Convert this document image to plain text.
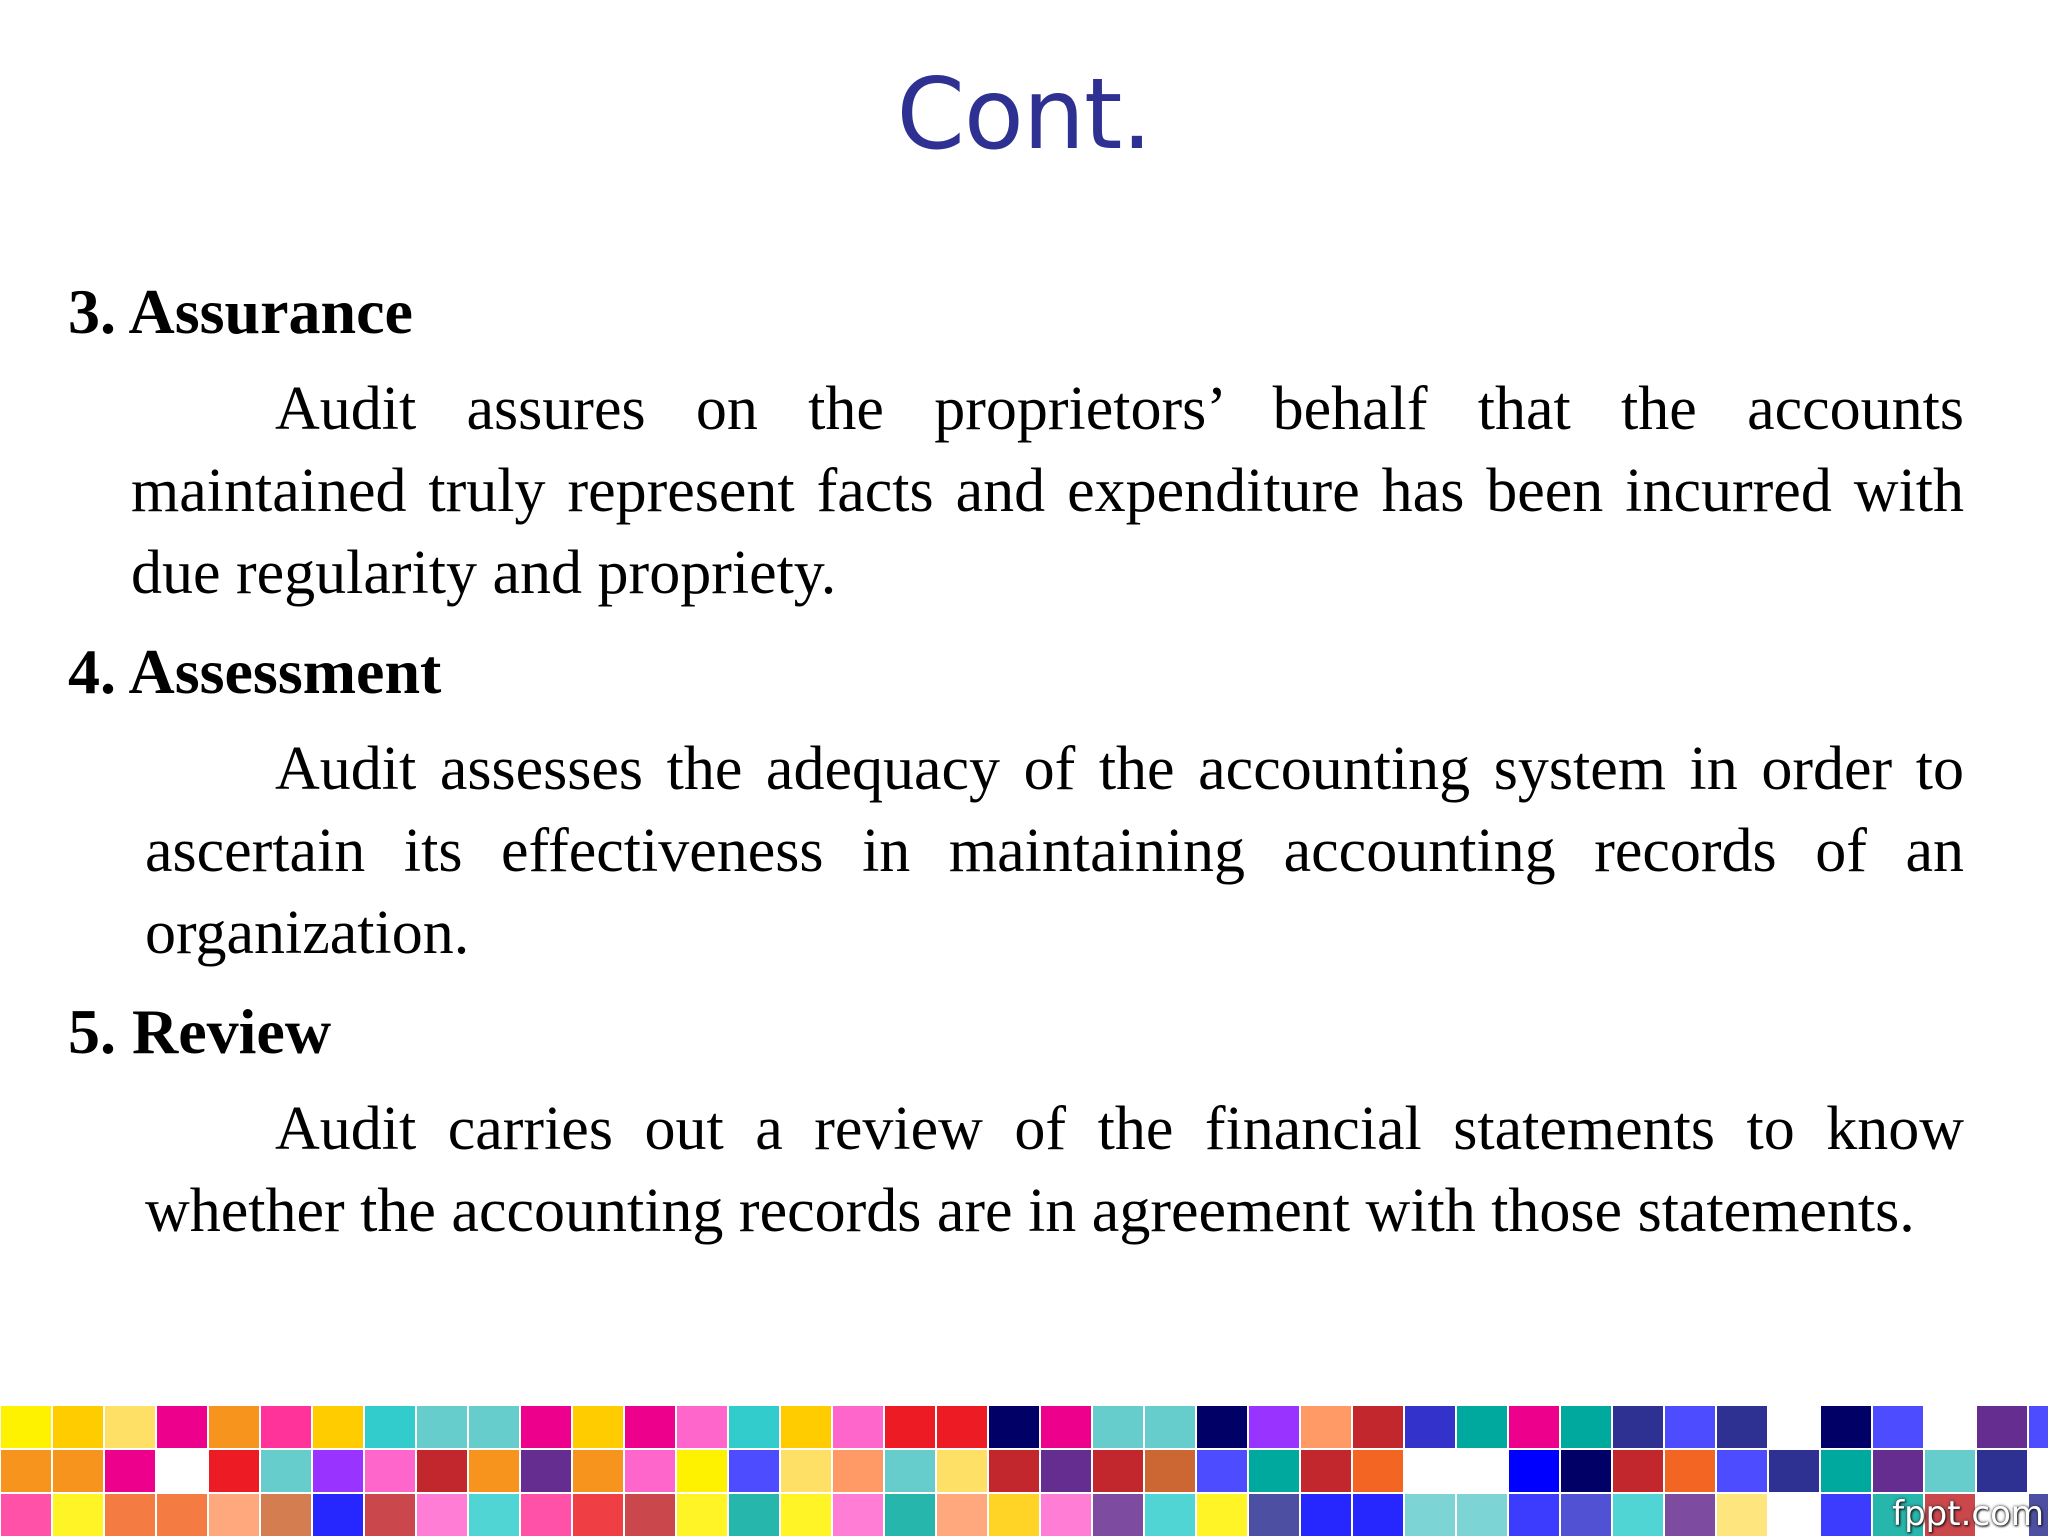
Cont.
3. Assurance

Audit assures on the proprietors’ behalf that the accounts maintained truly represent facts and expenditure has been incurred with due regularity and propriety.

4. Assessment

Audit assesses the adequacy of the accounting system in order to ascertain its effectiveness in maintaining accounting records of an organization.

5. Review

Audit carries out a review of the financial statements to know whether the accounting records are in agreement with those statements.

fppt.com
